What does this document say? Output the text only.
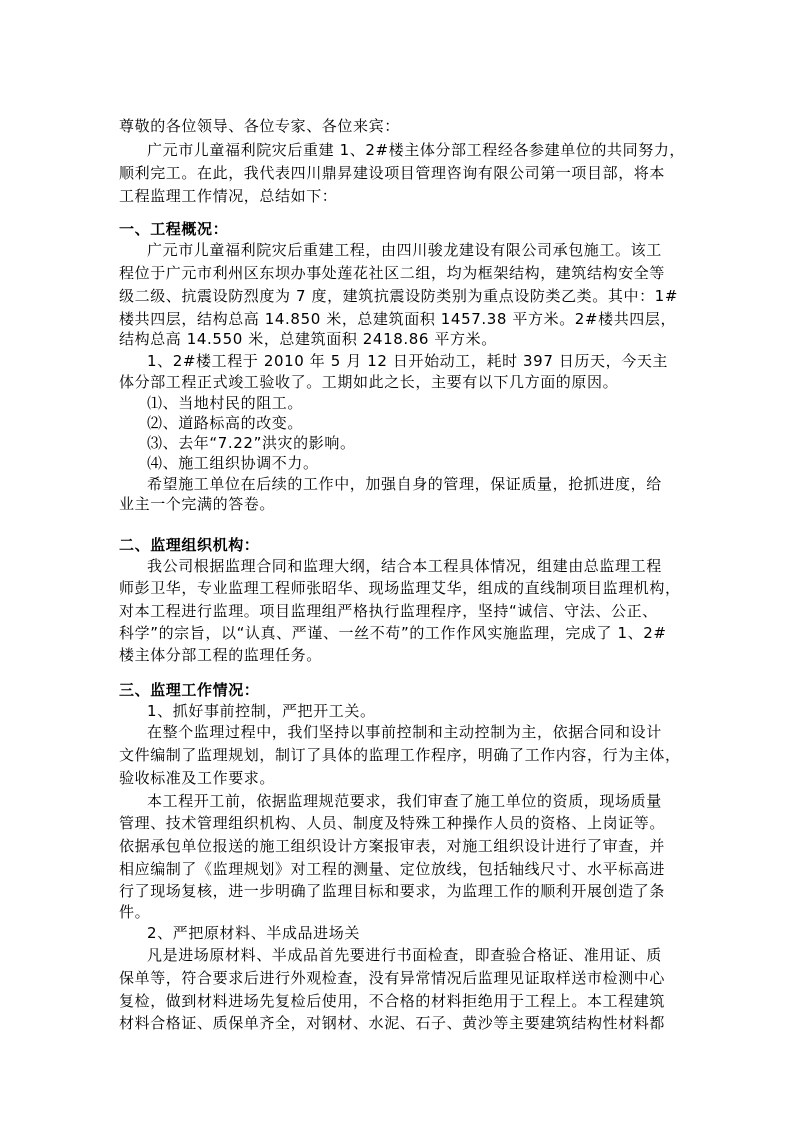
尊敬的各位领导、各位专家、各位来宾：
广元市儿童福利院灾后重建 1、2#楼主体分部工程经各参建单位的共同努力，
顺利完工。在此，我代表四川鼎昇建设项目管理咨询有限公司第一项目部，将本
工程监理工作情况，总结如下：
一、工程概况：
广元市儿童福利院灾后重建工程，由四川骏龙建设有限公司承包施工。该工
程位于广元市利州区东坝办事处莲花社区二组，均为框架结构，建筑结构安全等
级二级、抗震设防烈度为 7 度，建筑抗震设防类别为重点设防类乙类。其中：1#
楼共四层，结构总高 14.850 米，总建筑面积 1457.38 平方米。2#楼共四层，
结构总高 14.550 米，总建筑面积 2418.86 平方米。
1、2#楼工程于 2010 年 5 月 12 日开始动工，耗时 397 日历天，今天主
体分部工程正式竣工验收了。工期如此之长，主要有以下几方面的原因。
⑴、当地村民的阻工。
⑵、道路标高的改变。
⑶、去年“7.22”洪灾的影响。
⑷、施工组织协调不力。
希望施工单位在后续的工作中，加强自身的管理，保证质量，抢抓进度，给
业主一个完满的答卷。
二、监理组织机构：
我公司根据监理合同和监理大纲，结合本工程具体情况，组建由总监理工程
师彭卫华，专业监理工程师张昭华、现场监理艾华，组成的直线制项目监理机构，
对本工程进行监理。项目监理组严格执行监理程序，坚持“诚信、守法、公正、
科学”的宗旨，以“认真、严谨、一丝不苟”的工作作风实施监理，完成了 1、2#
楼主体分部工程的监理任务。
三、监理工作情况：
1、抓好事前控制，严把开工关。
在整个监理过程中，我们坚持以事前控制和主动控制为主，依据合同和设计
文件编制了监理规划，制订了具体的监理工作程序，明确了工作内容，行为主体，
验收标准及工作要求。
本工程开工前，依据监理规范要求，我们审查了施工单位的资质，现场质量
管理、技术管理组织机构、人员、制度及特殊工种操作人员的资格、上岗证等。
依据承包单位报送的施工组织设计方案报审表，对施工组织设计进行了审查，并
相应编制了《监理规划》对工程的测量、定位放线，包括轴线尺寸、水平标高进
行了现场复核，进一步明确了监理目标和要求，为监理工作的顺利开展创造了条
件。
2、严把原材料、半成品进场关
凡是进场原材料、半成品首先要进行书面检查，即查验合格证、准用证、质
保单等，符合要求后进行外观检查，没有异常情况后监理见证取样送市检测中心
复检，做到材料进场先复检后使用，不合格的材料拒绝用于工程上。本工程建筑
材料合格证、质保单齐全，对钢材、水泥、石子、黄沙等主要建筑结构性材料都
